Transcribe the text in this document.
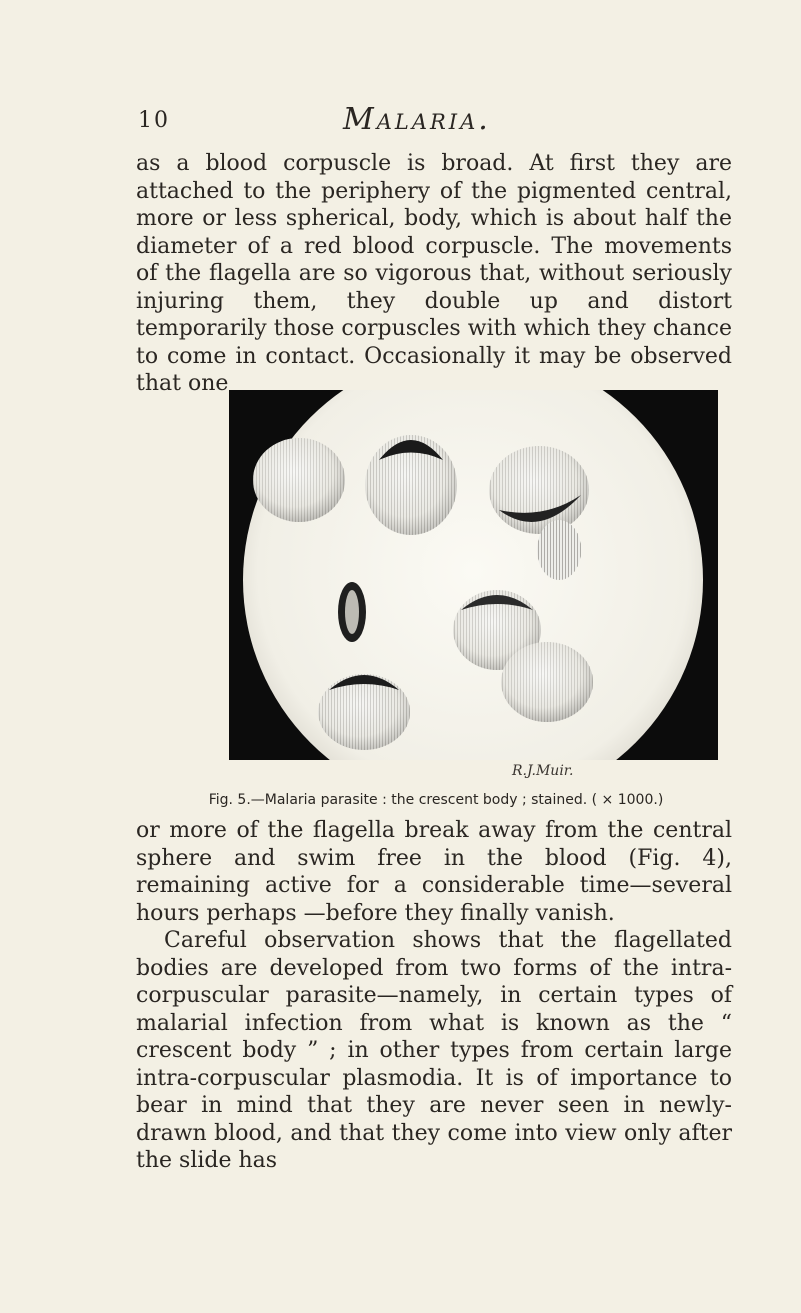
10	Malaria.

as a blood corpuscle is broad. At first they are attached to the periphery of the pigmented central, more or less spherical, body, which is about half the diameter of a red blood corpuscle. The movements of the flagella are so vigorous that, without seriously injuring them, they double up and distort temporarily those corpuscles with which they chance to come in contact. Occasionally it may be observed that one

R.J.Muir.
Fig. 5.—Malaria parasite : the crescent body ; stained. ( × 1000.)

or more of the flagella break away from the central sphere and swim free in the blood (Fig. 4), remaining active for a considerable time—several hours perhaps —before they finally vanish.

Careful observation shows that the flagellated bodies are developed from two forms of the intra-corpuscular parasite—namely, in certain types of malarial infection from what is known as the “ crescent body ” ; in other types from certain large intra-corpuscular plasmodia. It is of importance to bear in mind that they are never seen in newly-drawn blood, and that they come into view only after the slide has
